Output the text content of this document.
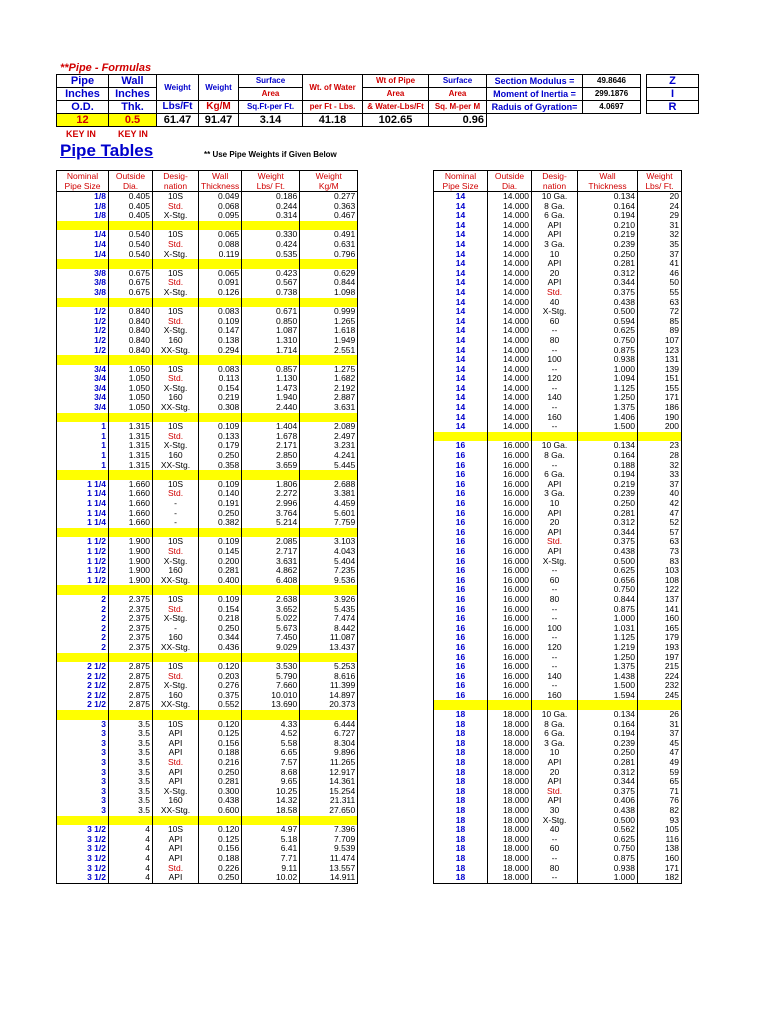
**Pipe - Formulas
Pipe	Wall	Weight	Weight	Surface	Wt. of Water	Wt of Pipe	Surface	Section Modulus =	49.8646		Z
Inches	Inches			Area		Area	Area	Moment of Inertia =	299.1876		I
O.D.	Thk.	Lbs/Ft	Kg/M	Sq.Ft-per Ft.	per Ft - Lbs.	& Water-Lbs/Ft	Sq. M-per M	Raduis of Gyration=	4.0697		R
12	0.5	61.47	91.47	3.14	41.18	102.65	0.96				
KEY IN KEY IN
Pipe Tables	** Use Pipe Weights if Given Below
Nominal	Outside	Desig-	Wall	Weight	Weight
Pipe Size	Dia.	nation	Thickness	Lbs/ Ft.	Kg/M
1/8	0.405	10S	0.049	0.186	0.277
1/8	0.405	Std.	0.068	0.244	0.363
1/8	0.405	X-Stg.	0.095	0.314	0.467

1/4	0.540	10S	0.065	0.330	0.491
1/4	0.540	Std.	0.088	0.424	0.631
1/4	0.540	X-Stg.	0.119	0.535	0.796

3/8	0.675	10S	0.065	0.423	0.629
3/8	0.675	Std.	0.091	0.567	0.844
3/8	0.675	X-Stg.	0.126	0.738	1.098

1/2	0.840	10S	0.083	0.671	0.999
1/2	0.840	Std.	0.109	0.850	1.265
1/2	0.840	X-Stg.	0.147	1.087	1.618
1/2	0.840	160	0.138	1.310	1.949
1/2	0.840	XX-Stg.	0.294	1.714	2.551

3/4	1.050	10S	0.083	0.857	1.275
3/4	1.050	Std.	0.113	1.130	1.682
3/4	1.050	X-Stg.	0.154	1.473	2.192
3/4	1.050	160	0.219	1.940	2.887
3/4	1.050	XX-Stg.	0.308	2.440	3.631

1	1.315	10S	0.109	1.404	2.089
1	1.315	Std.	0.133	1.678	2.497
1	1.315	X-Stg.	0.179	2.171	3.231
1	1.315	160	0.250	2.850	4.241
1	1.315	XX-Stg.	0.358	3.659	5.445

1 1/4	1.660	10S	0.109	1.806	2.688
1 1/4	1.660	Std.	0.140	2.272	3.381
1 1/4	1.660	-	0.191	2.996	4.459
1 1/4	1.660	-	0.250	3.764	5.601
1 1/4	1.660	-	0.382	5.214	7.759

1 1/2	1.900	10S	0.109	2.085	3.103
1 1/2	1.900	Std.	0.145	2.717	4.043
1 1/2	1.900	X-Stg.	0.200	3.631	5.404
1 1/2	1.900	160	0.281	4.862	7.235
1 1/2	1.900	XX-Stg.	0.400	6.408	9.536

2	2.375	10S	0.109	2.638	3.926
2	2.375	Std.	0.154	3.652	5.435
2	2.375	X-Stg.	0.218	5.022	7.474
2	2.375	-	0.250	5.673	8.442
2	2.375	160	0.344	7.450	11.087
2	2.375	XX-Stg.	0.436	9.029	13.437

2 1/2	2.875	10S	0.120	3.530	5.253
2 1/2	2.875	Std.	0.203	5.790	8.616
2 1/2	2.875	X-Stg.	0.276	7.660	11.399
2 1/2	2.875	160	0.375	10.010	14.897
2 1/2	2.875	XX-Stg.	0.552	13.690	20.373

3	3.5	10S	0.120	4.33	6.444
3	3.5	API	0.125	4.52	6.727
3	3.5	API	0.156	5.58	8.304
3	3.5	API	0.188	6.65	9.896
3	3.5	Std.	0.216	7.57	11.265
3	3.5	API	0.250	8.68	12.917
3	3.5	API	0.281	9.65	14.361
3	3.5	X-Stg.	0.300	10.25	15.254
3	3.5	160	0.438	14.32	21.311
3	3.5	XX-Stg.	0.600	18.58	27.650

3 1/2	4	10S	0.120	4.97	7.396
3 1/2	4	API	0.125	5.18	7.709
3 1/2	4	API	0.156	6.41	9.539
3 1/2	4	API	0.188	7.71	11.474
3 1/2	4	Std.	0.226	9.11	13.557
3 1/2	4	API	0.250	10.02	14.911
Nominal	Outside	Desig-	Wall	Weight
Pipe Size	Dia.	nation	Thickness	Lbs/ Ft.
14	14.000	10 Ga.	0.134	20
14	14.000	8 Ga.	0.164	24
14	14.000	6 Ga.	0.194	29
14	14.000	API	0.210	31
14	14.000	API	0.219	32
14	14.000	3 Ga.	0.239	35
14	14.000	10	0.250	37
14	14.000	API	0.281	41
14	14.000	20	0.312	46
14	14.000	API	0.344	50
14	14.000	Std.	0.375	55
14	14.000	40	0.438	63
14	14.000	X-Stg.	0.500	72
14	14.000	60	0.594	85
14	14.000	--	0.625	89
14	14.000	80	0.750	107
14	14.000	--	0.875	123
14	14.000	100	0.938	131
14	14.000	--	1.000	139
14	14.000	120	1.094	151
14	14.000	--	1.125	155
14	14.000	140	1.250	171
14	14.000	--	1.375	186
14	14.000	160	1.406	190
14	14.000	--	1.500	200

16	16.000	10 Ga.	0.134	23
16	16.000	8 Ga.	0.164	28
16	16.000	--	0.188	32
16	16.000	6 Ga.	0.194	33
16	16.000	API	0.219	37
16	16.000	3 Ga.	0.239	40
16	16.000	10	0.250	42
16	16.000	API	0.281	47
16	16.000	20	0.312	52
16	16.000	API	0.344	57
16	16.000	Std.	0.375	63
16	16.000	API	0.438	73
16	16.000	X-Stg.	0.500	83
16	16.000	--	0.625	103
16	16.000	60	0.656	108
16	16.000	--	0.750	122
16	16.000	80	0.844	137
16	16.000	--	0.875	141
16	16.000	--	1.000	160
16	16.000	100	1.031	165
16	16.000	--	1.125	179
16	16.000	120	1.219	193
16	16.000	--	1.250	197
16	16.000	--	1.375	215
16	16.000	140	1.438	224
16	16.000	--	1.500	232
16	16.000	160	1.594	245

18	18.000	10 Ga.	0.134	26
18	18.000	8 Ga.	0.164	31
18	18.000	6 Ga.	0.194	37
18	18.000	3 Ga.	0.239	45
18	18.000	10	0.250	47
18	18.000	API	0.281	49
18	18.000	20	0.312	59
18	18.000	API	0.344	65
18	18.000	Std.	0.375	71
18	18.000	API	0.406	76
18	18.000	30	0.438	82
18	18.000	X-Stg.	0.500	93
18	18.000	40	0.562	105
18	18.000	--	0.625	116
18	18.000	60	0.750	138
18	18.000	--	0.875	160
18	18.000	80	0.938	171
18	18.000	--	1.000	182
